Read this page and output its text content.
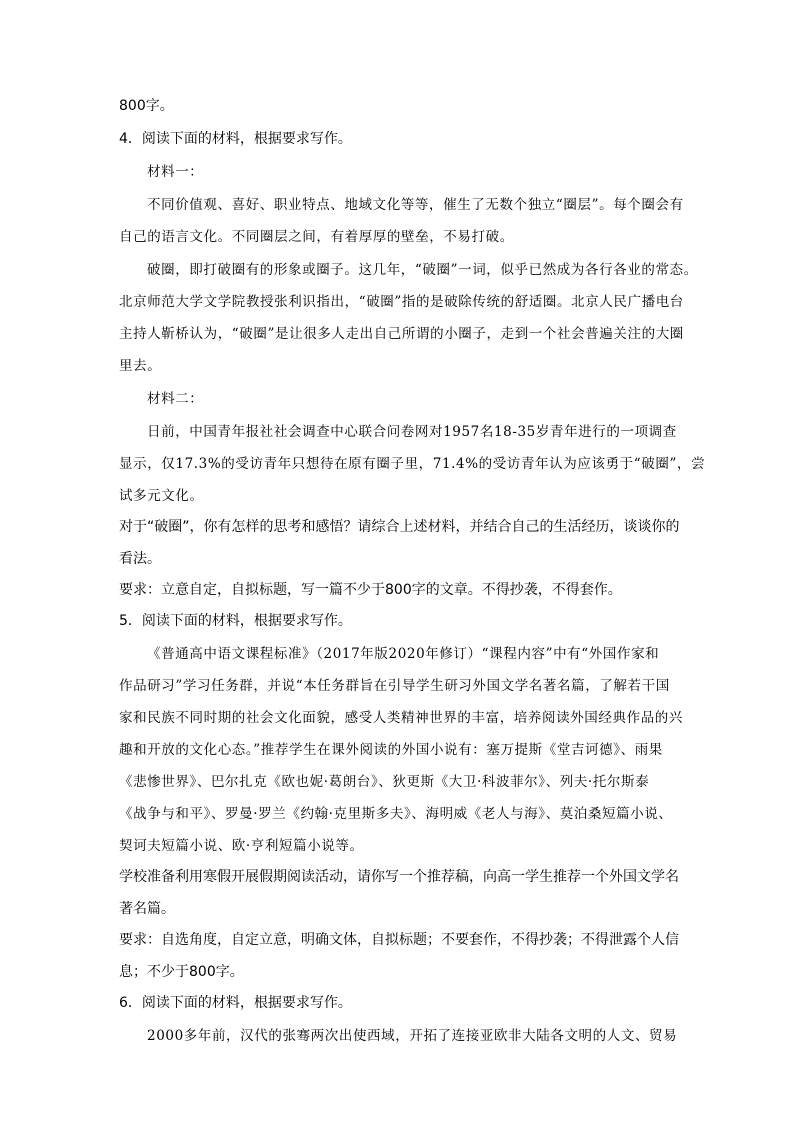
800字。

4．阅读下面的材料，根据要求写作。

材料一：

不同价值观、喜好、职业特点、地域文化等等，催生了无数个独立“圈层”。每个圈会有

自己的语言文化。不同圈层之间，有着厚厚的壁垒，不易打破。

破圈，即打破圈有的形象或圈子。这几年，“破圈”一词，似乎已然成为各行各业的常态。

北京师范大学文学院教授张利识指出，“破圈”指的是破除传统的舒适圈。北京人民广播电台

主持人靳桥认为，“破圈”是让很多人走出自己所谓的小圈子，走到一个社会普遍关注的大圈

里去。

材料二：

日前，中国青年报社社会调查中心联合问卷网对1957名18-35岁青年进行的一项调查

显示，仅17.3%的受访青年只想待在原有圈子里，71.4%的受访青年认为应该勇于“破圈”，尝

试多元文化。

对于“破圈”，你有怎样的思考和感悟？请综合上述材料，并结合自己的生活经历，谈谈你的

看法。

要求：立意自定，自拟标题，写一篇不少于800字的文章。不得抄袭，不得套作。

5．阅读下面的材料，根据要求写作。

《普通高中语文课程标准》（2017年版2020年修订）“课程内容”中有“外国作家和

作品研习”学习任务群，并说“本任务群旨在引导学生研习外国文学名著名篇，了解若干国

家和民族不同时期的社会文化面貌，感受人类精神世界的丰富，培养阅读外国经典作品的兴

趣和开放的文化心态。”推荐学生在课外阅读的外国小说有：塞万提斯《堂吉诃德》、雨果

《悲惨世界》、巴尔扎克《欧也妮·葛朗台》、狄更斯《大卫·科波菲尔》、列夫·托尔斯泰

《战争与和平》、罗曼·罗兰《约翰·克里斯多夫》、海明威《老人与海》、莫泊桑短篇小说、

契诃夫短篇小说、欧·亨利短篇小说等。

学校准备利用寒假开展假期阅读活动，请你写一个推荐稿，向高一学生推荐一个外国文学名

著名篇。

要求：自选角度，自定立意，明确文体，自拟标题；不要套作，不得抄袭；不得泄露个人信

息；不少于800字。

6．阅读下面的材料，根据要求写作。

2000多年前，汉代的张骞两次出使西域，开拓了连接亚欧非大陆各文明的人文、贸易
